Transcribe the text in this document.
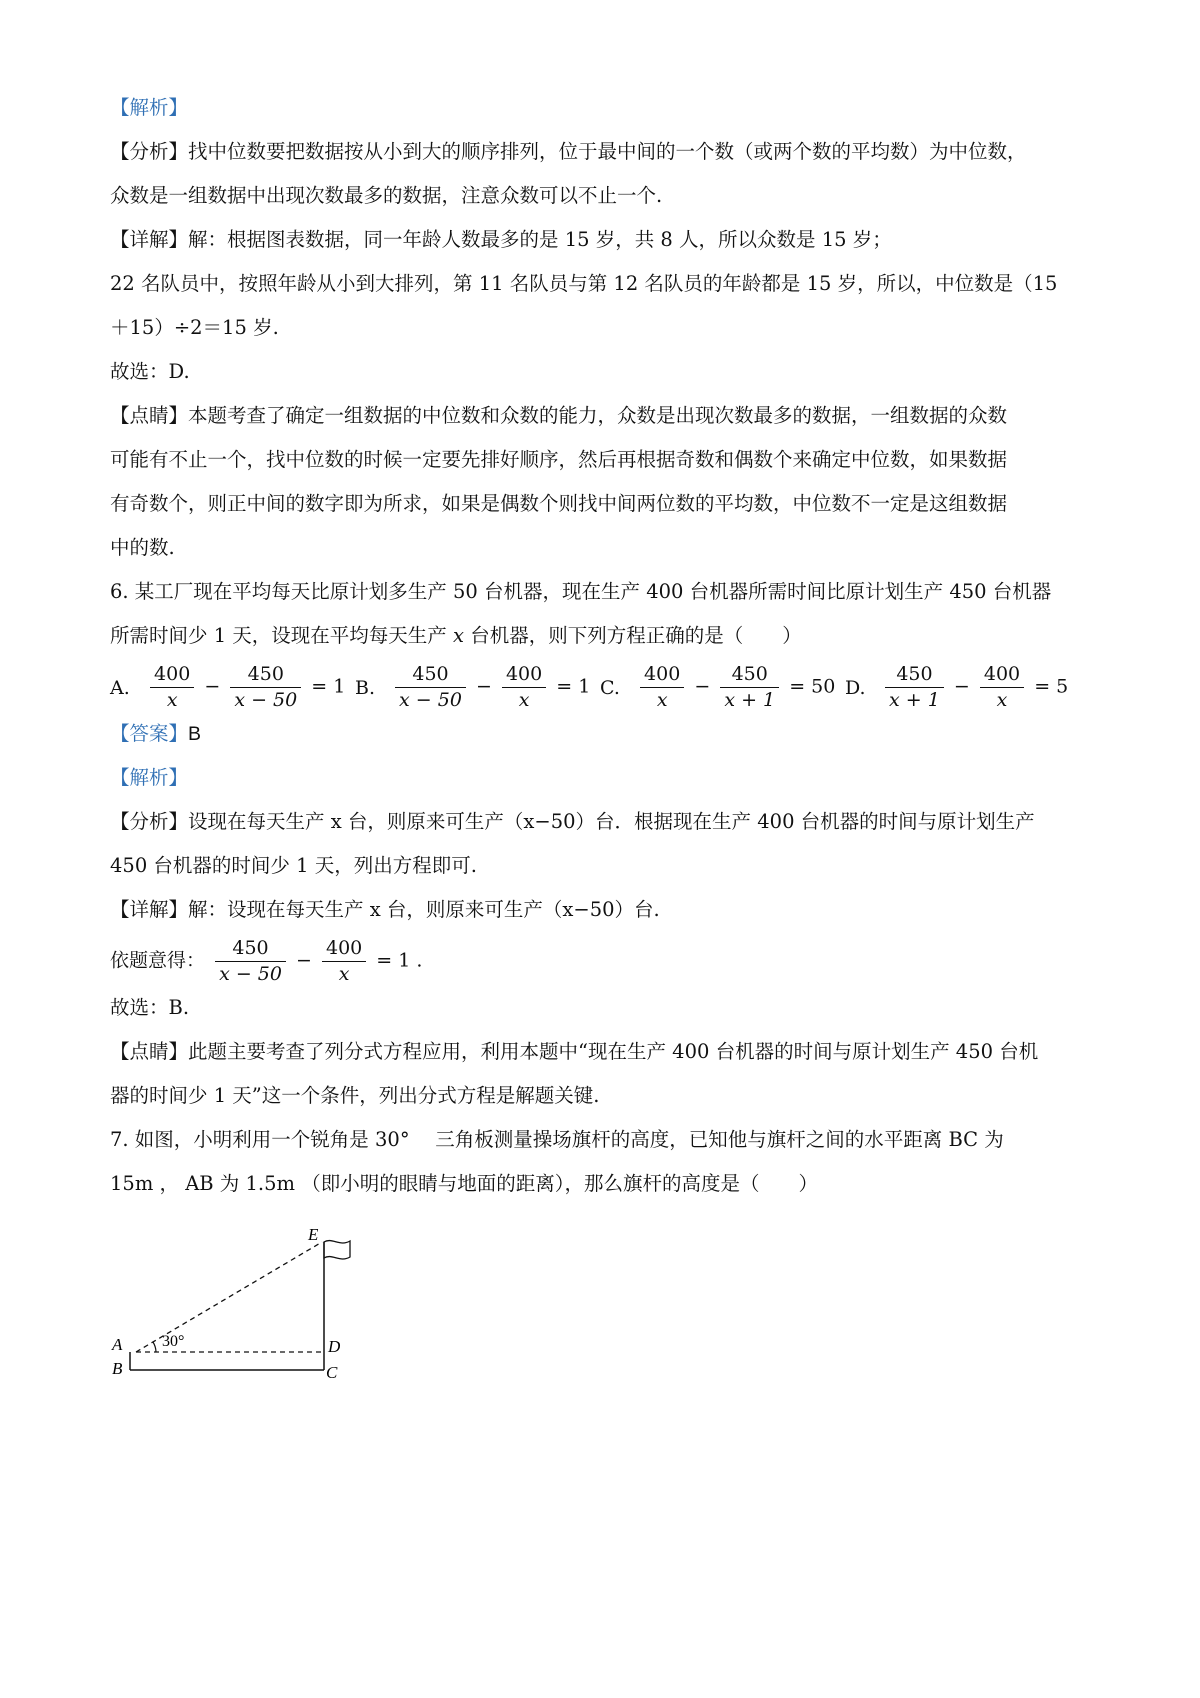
【解析】
【分析】找中位数要把数据按从小到大的顺序排列，位于最中间的一个数（或两个数的平均数）为中位数，
众数是一组数据中出现次数最多的数据，注意众数可以不止一个.
【详解】解：根据图表数据，同一年龄人数最多的是 15 岁，共 8 人，所以众数是 15 岁；
22 名队员中，按照年龄从小到大排列，第 11 名队员与第 12 名队员的年龄都是 15 岁，所以，中位数是（15
＋15）÷2＝15 岁.
故选：D.
【点睛】本题考查了确定一组数据的中位数和众数的能力，众数是出现次数最多的数据，一组数据的众数
可能有不止一个，找中位数的时候一定要先排好顺序，然后再根据奇数和偶数个来确定中位数，如果数据
有奇数个，则正中间的数字即为所求，如果是偶数个则找中间两位数的平均数，中位数不一定是这组数据
中的数.
6. 某工厂现在平均每天比原计划多生产 50 台机器，现在生产 400 台机器所需时间比原计划生产 450 台机器
所需时间少 1 天，设现在平均每天生产 x 台机器，则下列方程正确的是（　　）
A. $\frac{400}{x} - \frac{450}{x - 50} = 1$ B. $\frac{450}{x - 50} - \frac{400}{x} = 1$ C. $\frac{400}{x} - \frac{450}{x + 1} = 50$ D. $\frac{450}{x + 1} - \frac{400}{x} = 5$
【答案】B
【解析】
【分析】设现在每天生产 x 台，则原来可生产（x−50）台．根据现在生产 400 台机器的时间与原计划生产
450 台机器的时间少 1 天，列出方程即可.
【详解】解：设现在每天生产 x 台，则原来可生产（x−50）台.
依题意得： $\frac{450}{x - 50} - \frac{400}{x} = 1$ .
故选：B.
【点睛】此题主要考查了列分式方程应用，利用本题中“现在生产 400 台机器的时间与原计划生产 450 台机
器的时间少 1 天”这一个条件，列出分式方程是解题关键.
7. 如图，小明利用一个锐角是 30°　 三角板测量操场旗杆的高度，已知他与旗杆之间的水平距离 BC 为
15m ， AB 为 1.5m （即小明的眼睛与地面的距离），那么旗杆的高度是（　　）
E
A
B
D
C
30°
